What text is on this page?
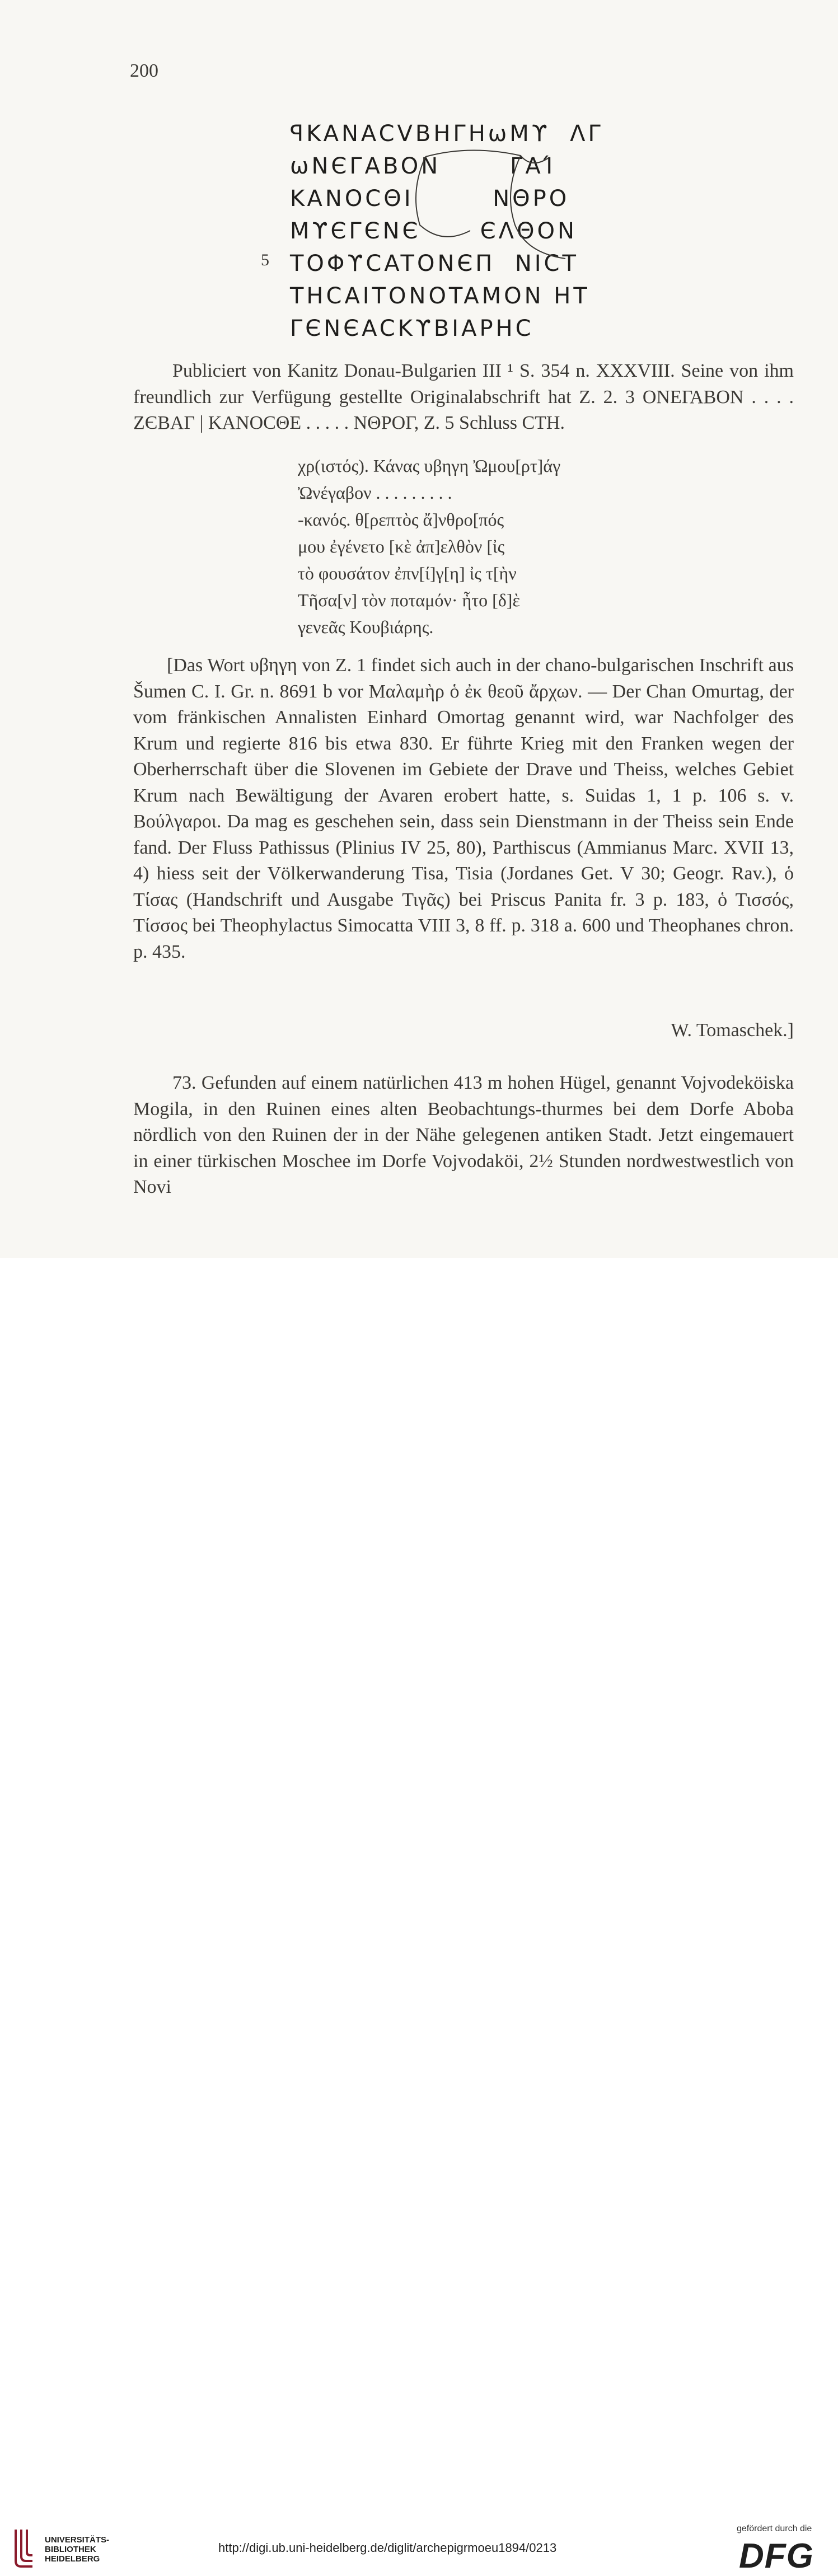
200
ꟼKANACVBHΓHωMϒ  ΛΓ
ωNЄΓABON       ΓΑΊ
KANOCΘI        NΘPO
MϒЄΓЄNЄ      ЄΛΘON
5 TOΦϒCATONЄΠ  NICT
THCAITONOTAMON HT
ΓЄNЄACKϒBIAPHC
Publiciert von Kanitz Donau-Bulgarien III ¹ S. 354 n. XXXVIII. Seine von ihm freundlich zur Verfügung gestellte Originalabschrift hat Z. 2. 3 ΟΝΕΓΑΒΟΝ . . . . ΖЄΒΑΓ | ΚΑΝΟCΘΕ . . . . . ΝΘΡΟΓ, Z. 5 Schluss CTH.
χρ(ιστός). Κάνας υβηγη Ὠμου[ρτ]άγ
Ὠνέγαβον . . . . . . . . .
-κανός. θ[ρεπτὸς ἄ]νθρο[πός
μου ἐγένετο [κὲ ἀπ]ελθὸν [ἰς
τὸ φουσάτον ἐπν[ί]γ[η] ἰς τ[ὴν
Τῆσα[ν] τὸν ποταμόν· ἦτο [δ]ὲ
γενεᾶς Κουβιάρης.

[Das Wort υβηγη von Z. 1 findet sich auch in der chano-bulgarischen Inschrift aus Šumen C. I. Gr. n. 8691 b vor Μαλαμὴρ ὁ ἐκ θεοῦ ἄρχων. — Der Chan Omurtag, der vom fränkischen Annalisten Einhard Omortag genannt wird, war Nachfolger des Krum und regierte 816 bis etwa 830. Er führte Krieg mit den Franken wegen der Oberherrschaft über die Slovenen im Gebiete der Drave und Theiss, welches Gebiet Krum nach Bewältigung der Avaren erobert hatte, s. Suidas 1, 1 p. 106 s. v. Βούλγαροι. Da mag es geschehen sein, dass sein Dienstmann in der Theiss sein Ende fand. Der Fluss Pathissus (Plinius IV 25, 80), Parthiscus (Ammianus Marc. XVII 13, 4) hiess seit der Völkerwanderung Tisa, Tisia (Jordanes Get. V 30; Geogr. Rav.), ὁ Τίσας (Handschrift und Ausgabe Τιγᾶς) bei Priscus Panita fr. 3 p. 183, ὁ Τισσός, Τίσσος bei Theophylactus Simocatta VIII 3, 8 ff. p. 318 a. 600 und Theophanes chron. p. 435.

W. Tomaschek.]
73. Gefunden auf einem natürlichen 413 m hohen Hügel, genannt Vojvodeköiska Mogila, in den Ruinen eines alten Beobachtungs-thurmes bei dem Dorfe Aboba nördlich von den Ruinen der in der Nähe gelegenen antiken Stadt. Jetzt eingemauert in einer türkischen Moschee im Dorfe Vojvodaköi, 2½ Stunden nordwestwestlich von Novi
UNIVERSITÄTS-
BIBLIOTHEK
HEIDELBERG
http://digi.ub.uni-heidelberg.de/diglit/archepigrmoeu1894/0213
gefördert durch die
DFG
